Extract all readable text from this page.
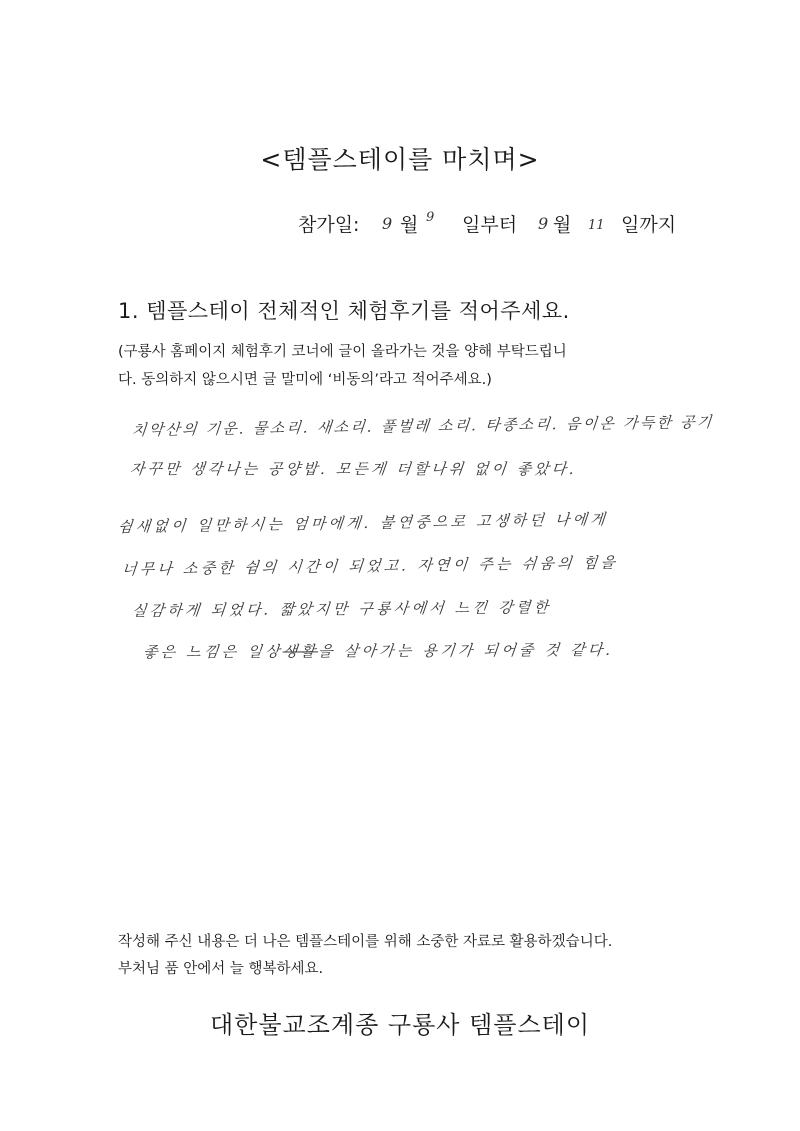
<템플스테이를 마치며>
참가일: 9 월 9 일부터 9 월 11 일까지
1. 템플스테이 전체적인 체험후기를 적어주세요.
(구룡사 홈페이지 체험후기 코너에 글이 올라가는 것을 양해 부탁드립니
다. 동의하지 않으시면 글 말미에 ‘비동의’라고 적어주세요.)
치악산의 기운. 물소리. 새소리. 풀벌레 소리. 타종소리. 음이온 가득한 공기
자꾸만 생각나는 공양밥. 모든게 더할나위 없이 좋았다.
쉼새없이 일만하시는 엄마에게. 불연중으로 고생하던 나에게
너무나 소중한 쉼의 시간이 되었고. 자연이 주는 쉬움의 힘을
실감하게 되었다. 짧았지만 구룡사에서 느낀 강렬한
좋은 느낌은 일상생활을 살아가는 용기가 되어줄 것 같다.
작성해 주신 내용은 더 나은 템플스테이를 위해 소중한 자료로 활용하겠습니다.
부처님 품 안에서 늘 행복하세요.
대한불교조계종 구룡사 템플스테이
